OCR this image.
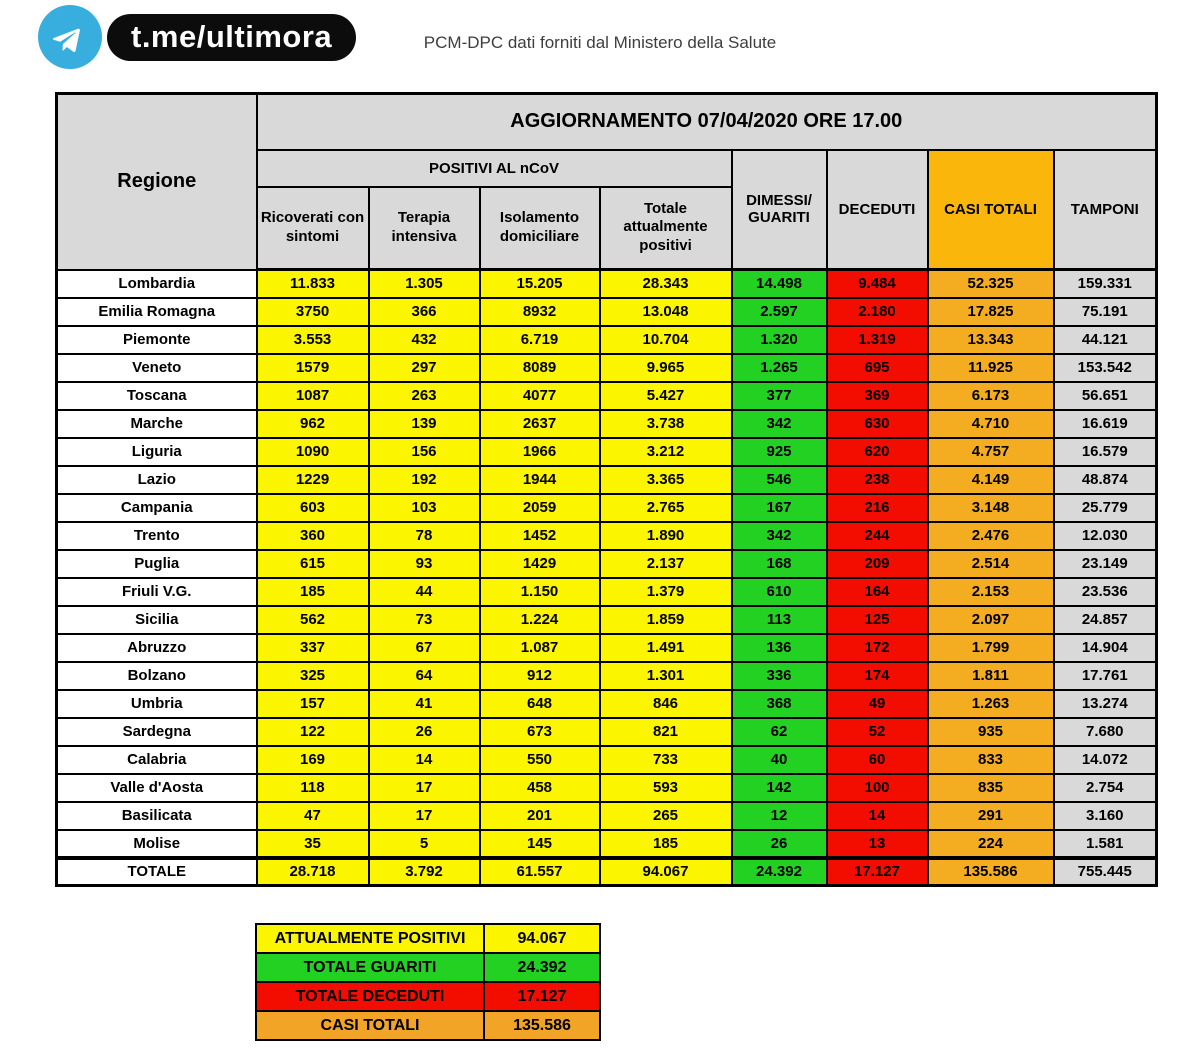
t.me/ultimora	PCM-DPC dati forniti dal Ministero della Salute
Regione	AGGIORNAMENTO 07/04/2020 ORE 17.00							
	POSITIVI AL nCoV				DIMESSI/ GUARITI	DECEDUTI	CASI TOTALI	TAMPONI
	Ricoverati con sintomi	Terapia intensiva	Isolamento domiciliare	Totale attualmente positivi				
Lombardia	11.833	1.305	15.205	28.343	14.498	9.484	52.325	159.331
Emilia Romagna	3750	366	8932	13.048	2.597	2.180	17.825	75.191
Piemonte	3.553	432	6.719	10.704	1.320	1.319	13.343	44.121
Veneto	1579	297	8089	9.965	1.265	695	11.925	153.542
Toscana	1087	263	4077	5.427	377	369	6.173	56.651
Marche	962	139	2637	3.738	342	630	4.710	16.619
Liguria	1090	156	1966	3.212	925	620	4.757	16.579
Lazio	1229	192	1944	3.365	546	238	4.149	48.874
Campania	603	103	2059	2.765	167	216	3.148	25.779
Trento	360	78	1452	1.890	342	244	2.476	12.030
Puglia	615	93	1429	2.137	168	209	2.514	23.149
Friuli V.G.	185	44	1.150	1.379	610	164	2.153	23.536
Sicilia	562	73	1.224	1.859	113	125	2.097	24.857
Abruzzo	337	67	1.087	1.491	136	172	1.799	14.904
Bolzano	325	64	912	1.301	336	174	1.811	17.761
Umbria	157	41	648	846	368	49	1.263	13.274
Sardegna	122	26	673	821	62	52	935	7.680
Calabria	169	14	550	733	40	60	833	14.072
Valle d'Aosta	118	17	458	593	142	100	835	2.754
Basilicata	47	17	201	265	12	14	291	3.160
Molise	35	5	145	185	26	13	224	1.581
TOTALE	28.718	3.792	61.557	94.067	24.392	17.127	135.586	755.445
ATTUALMENTE POSITIVI	94.067
TOTALE GUARITI	24.392
TOTALE DECEDUTI	17.127
CASI TOTALI	135.586
